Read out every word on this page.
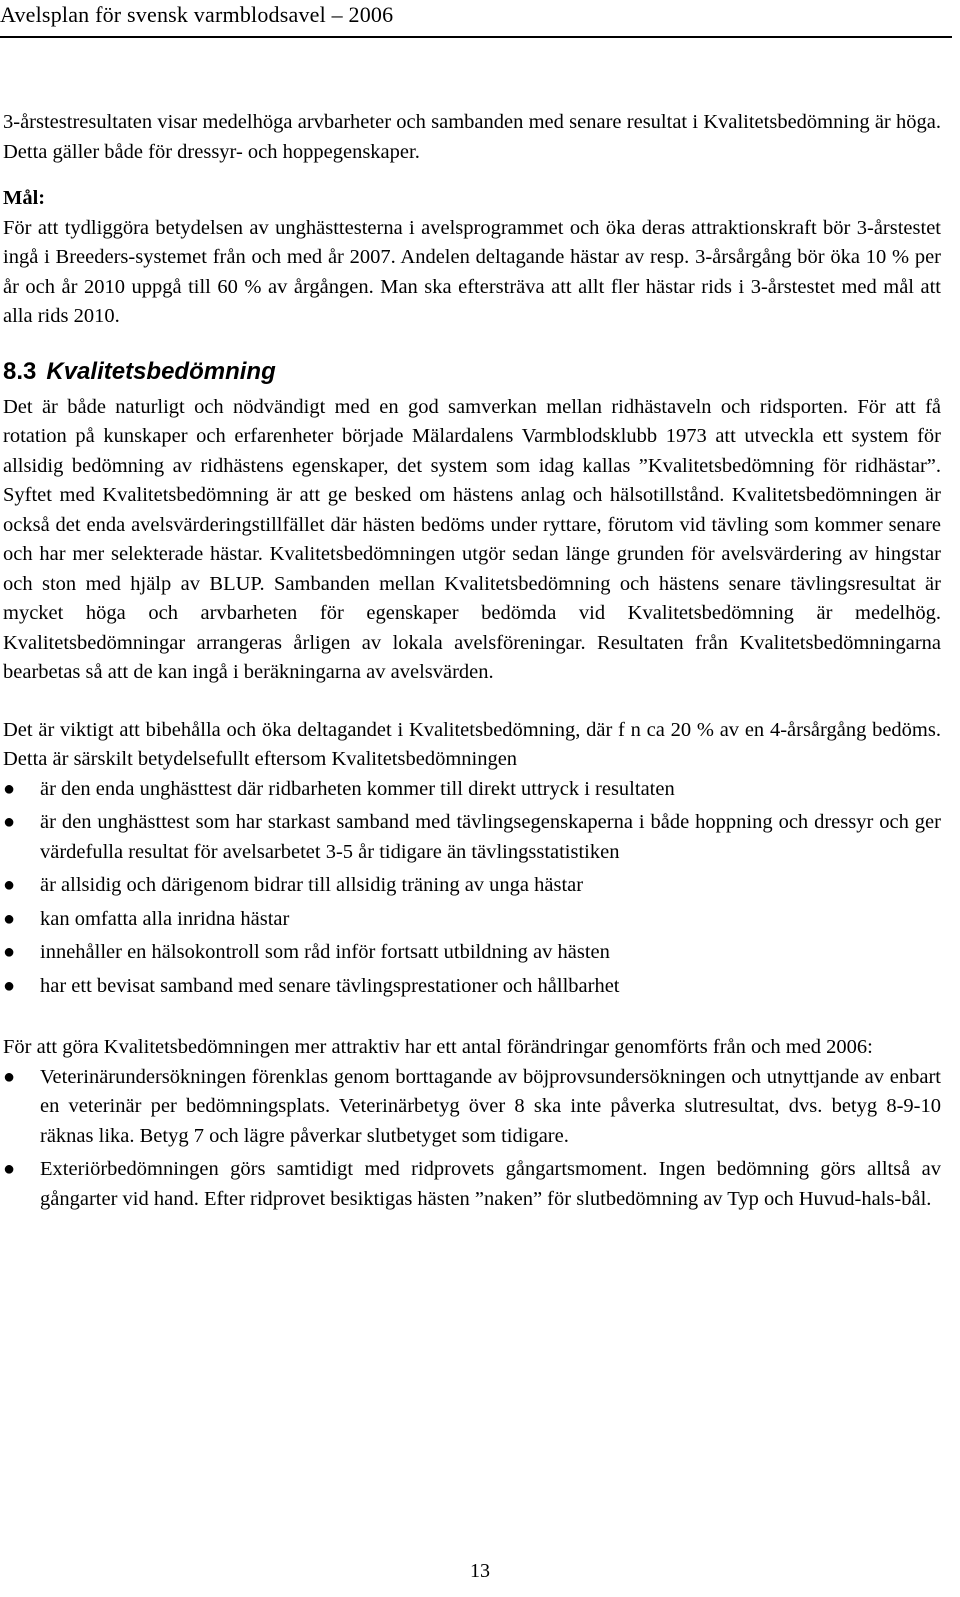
Avelsplan för svensk varmblodsavel – 2006

3-årstestresultaten visar medelhöga arvbarheter och sambanden med senare resultat i Kvalitetsbedömning är höga. Detta gäller både för dressyr- och hoppegenskaper.

Mål:

För att tydliggöra betydelsen av unghästtesterna i avelsprogrammet och öka deras attraktionskraft bör 3-årstestet ingå i Breeders-systemet från och med år 2007. Andelen deltagande hästar av resp. 3-årsårgång bör öka 10 % per år och år 2010 uppgå till 60 % av årgången. Man ska eftersträva att allt fler hästar rids i 3-årstestet med mål att alla rids 2010.

8.3 Kvalitetsbedömning

Det är både naturligt och nödvändigt med en god samverkan mellan ridhästaveln och ridsporten. För att få rotation på kunskaper och erfarenheter började Mälardalens Varmblodsklubb 1973 att utveckla ett system för allsidig bedömning av ridhästens egenskaper, det system som idag kallas ”Kvalitetsbedömning för ridhästar”. Syftet med Kvalitetsbedömning är att ge besked om hästens anlag och hälsotillstånd. Kvalitetsbedömningen är också det enda avelsvärderingstillfället där hästen bedöms under ryttare, förutom vid tävling som kommer senare och har mer selekterade hästar. Kvalitetsbedömningen utgör sedan länge grunden för avelsvärdering av hingstar och ston med hjälp av BLUP. Sambanden mellan Kvalitetsbedömning och hästens senare tävlingsresultat är mycket höga och arvbarheten för egenskaper bedömda vid Kvalitetsbedömning är medelhög. Kvalitetsbedömningar arrangeras årligen av lokala avelsföreningar. Resultaten från Kvalitetsbedömningarna bearbetas så att de kan ingå i beräkningarna av avelsvärden.

Det är viktigt att bibehålla och öka deltagandet i Kvalitetsbedömning, där f n ca 20 % av en 4-årsårgång bedöms. Detta är särskilt betydelsefullt eftersom Kvalitetsbedömningen

● är den enda unghästtest där ridbarheten kommer till direkt uttryck i resultaten
● är den unghästtest som har starkast samband med tävlingsegenskaperna i både hoppning och dressyr och ger värdefulla resultat för avelsarbetet 3-5 år tidigare än tävlingsstatistiken
● är allsidig och därigenom bidrar till allsidig träning av unga hästar
● kan omfatta alla inridna hästar
● innehåller en hälsokontroll som råd inför fortsatt utbildning av hästen
● har ett bevisat samband med senare tävlingsprestationer och hållbarhet

För att göra Kvalitetsbedömningen mer attraktiv har ett antal förändringar genomförts från och med 2006:

● Veterinärundersökningen förenklas genom borttagande av böjprovsundersökningen och utnyttjande av enbart en veterinär per bedömningsplats. Veterinärbetyg över 8 ska inte påverka slutresultat, dvs. betyg 8-9-10 räknas lika. Betyg 7 och lägre påverkar slutbetyget som tidigare.
● Exteriörbedömningen görs samtidigt med ridprovets gångartsmoment. Ingen bedömning görs alltså av gångarter vid hand. Efter ridprovet besiktigas hästen ”naken” för slutbedömning av Typ och Huvud-hals-bål.
13
